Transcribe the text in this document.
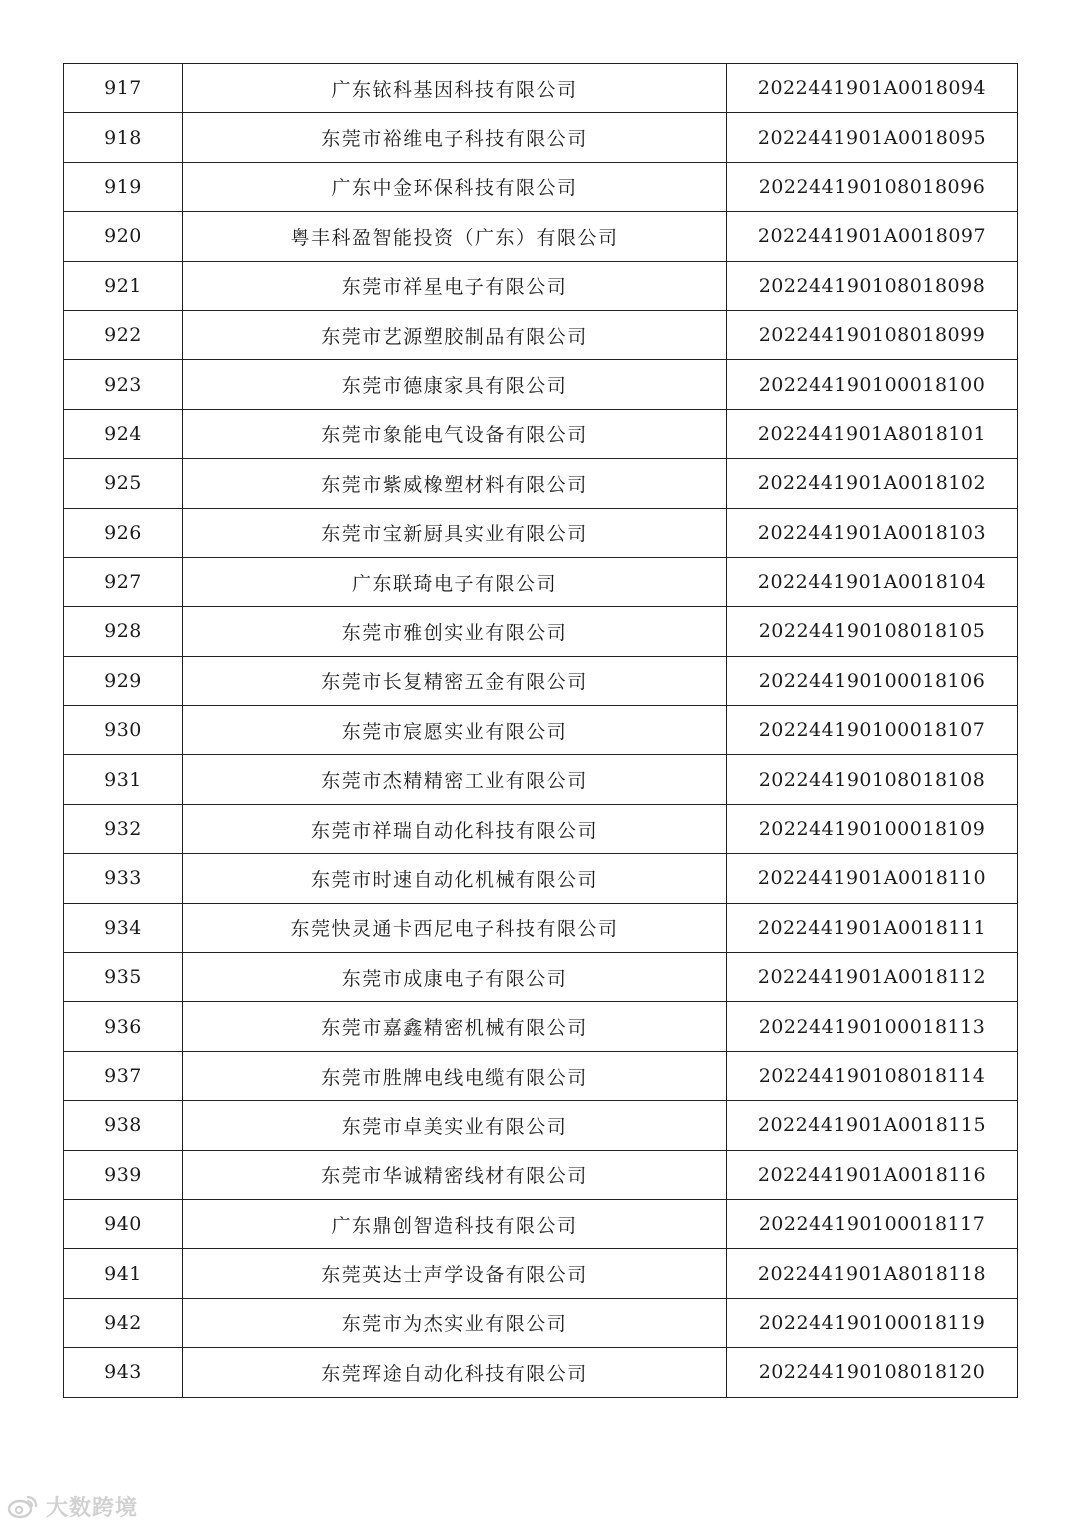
917	广东铱科基因科技有限公司	2022441901A0018094
918	东莞市裕维电子科技有限公司	2022441901A0018095
919	广东中金环保科技有限公司	202244190108018096
920	粤丰科盈智能投资（广东）有限公司	2022441901A0018097
921	东莞市祥星电子有限公司	202244190108018098
922	东莞市艺源塑胶制品有限公司	202244190108018099
923	东莞市德康家具有限公司	202244190100018100
924	东莞市象能电气设备有限公司	2022441901A8018101
925	东莞市紫威橡塑材料有限公司	2022441901A0018102
926	东莞市宝新厨具实业有限公司	2022441901A0018103
927	广东联琦电子有限公司	2022441901A0018104
928	东莞市雅创实业有限公司	202244190108018105
929	东莞市长复精密五金有限公司	202244190100018106
930	东莞市宸愿实业有限公司	202244190100018107
931	东莞市杰精精密工业有限公司	202244190108018108
932	东莞市祥瑞自动化科技有限公司	202244190100018109
933	东莞市时速自动化机械有限公司	2022441901A0018110
934	东莞快灵通卡西尼电子科技有限公司	2022441901A0018111
935	东莞市成康电子有限公司	2022441901A0018112
936	东莞市嘉鑫精密机械有限公司	202244190100018113
937	东莞市胜牌电线电缆有限公司	202244190108018114
938	东莞市卓美实业有限公司	2022441901A0018115
939	东莞市华诚精密线材有限公司	2022441901A0018116
940	广东鼎创智造科技有限公司	202244190100018117
941	东莞英达士声学设备有限公司	2022441901A8018118
942	东莞市为杰实业有限公司	202244190100018119
943	东莞珲途自动化科技有限公司	202244190108018120
大数跨境
